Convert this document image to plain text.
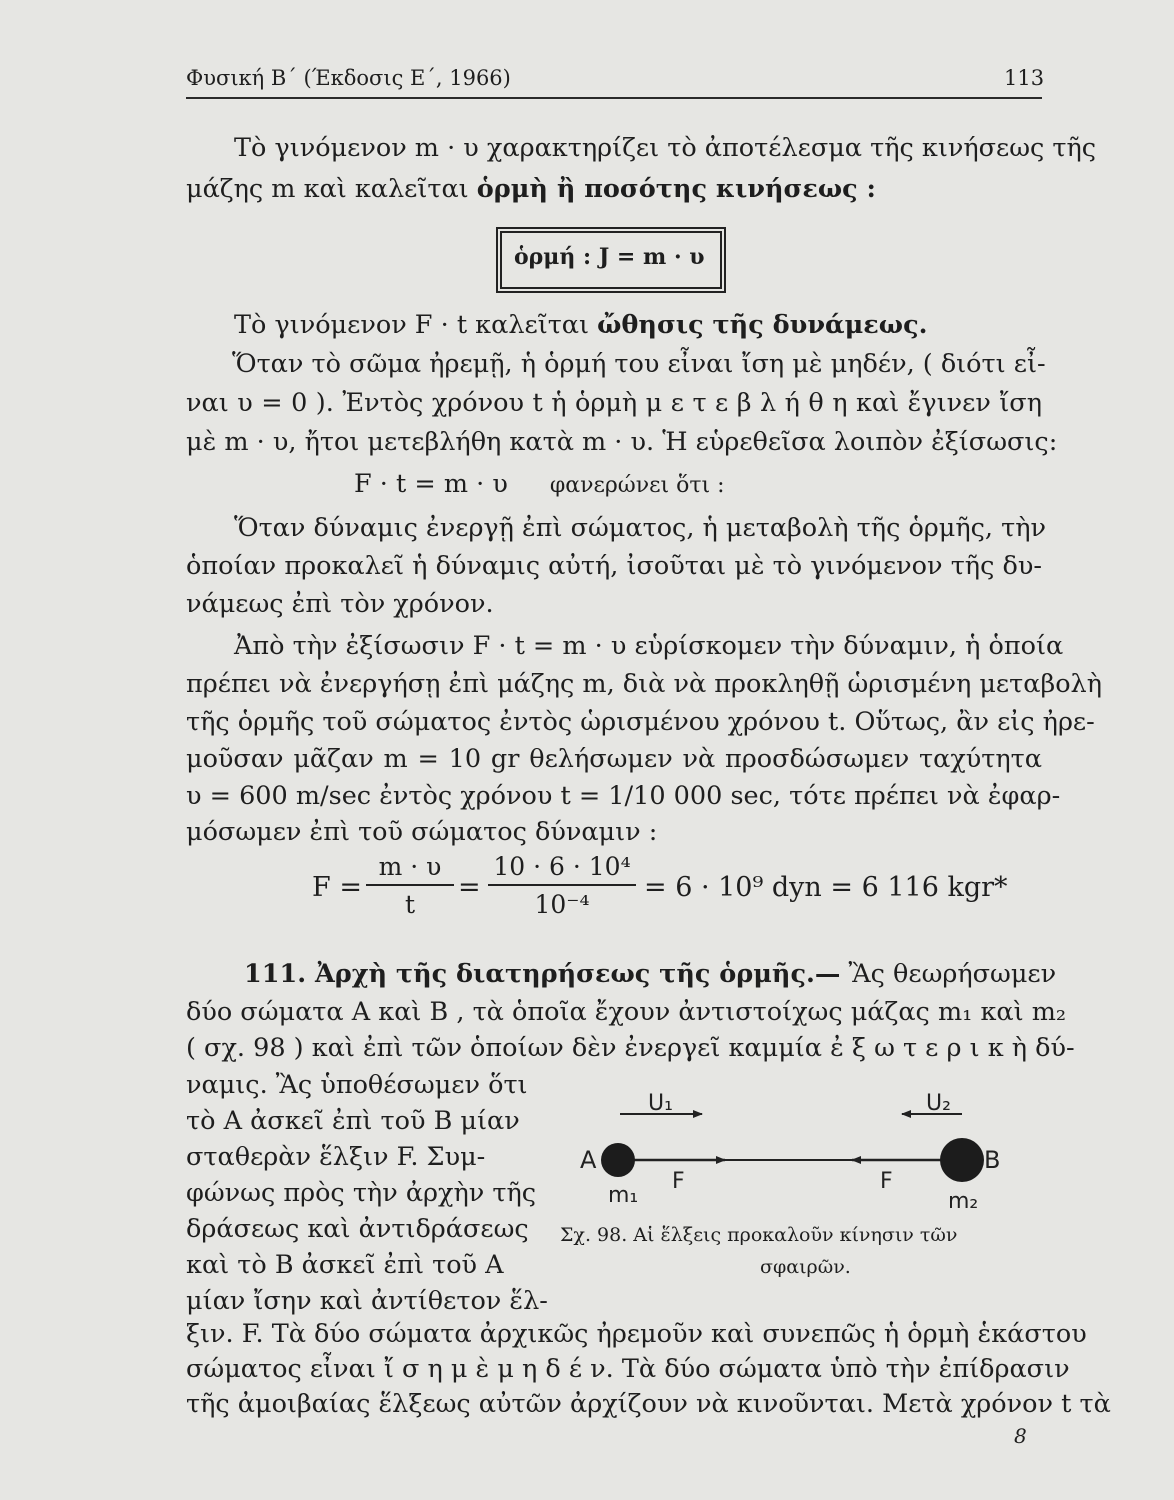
Φυσική Β΄ (Έκδοσις Ε΄, 1966)	113
Τὸ γινόμενον m · υ χαρακτηρίζει τὸ ἀποτέλεσμα τῆς κινήσεως τῆς
μάζης m καὶ καλεῖται ὁρμὴ ἢ ποσότης κινήσεως :
ὁρμή : J = m · υ
Τὸ γινόμενον F · t καλεῖται ὤθησις τῆς δυνάμεως.
Ὅταν τὸ σῶμα ἠρεμῇ, ἡ ὁρμή του εἶναι ἴση μὲ μηδέν, ( διότι εἶ-
ναι υ = 0 ). Ἐντὸς χρόνου t ἡ ὁρμὴ μ ε τ ε β λ ή θ η καὶ ἔγινεν ἴση
μὲ m · υ, ἤτοι μετεβλήθη κατὰ m · υ. Ἡ εὑρεθεῖσα λοιπὸν ἐξίσωσις:
F · t = m · υ φανερώνει ὅτι :
Ὅταν δύναμις ἐνεργῇ ἐπὶ σώματος, ἡ μεταβολὴ τῆς ὁρμῆς, τὴν
ὁποίαν προκαλεῖ ἡ δύναμις αὐτή, ἰσοῦται μὲ τὸ γινόμενον τῆς δυ-
νάμεως ἐπὶ τὸν χρόνον.
Ἀπὸ τὴν ἐξίσωσιν F · t = m · υ εὑρίσκομεν τὴν δύναμιν, ἡ ὁποία
πρέπει νὰ ἐνεργήσῃ ἐπὶ μάζης m, διὰ νὰ προκληθῇ ὡρισμένη μεταβολὴ
τῆς ὁρμῆς τοῦ σώματος ἐντὸς ὡρισμένου χρόνου t. Οὕτως, ἂν εἰς ἠρε-
μοῦσαν μᾶζαν m = 10 gr θελήσωμεν νὰ προσδώσωμεν ταχύτητα
υ = 600 m/sec ἐντὸς χρόνου t = 1/10 000 sec, τότε πρέπει νὰ ἐφαρ-
μόσωμεν ἐπὶ τοῦ σώματος δύναμιν :
F =
m · υ
t
=
10 · 6 · 10⁴
10⁻⁴
= 6 · 10⁹ dyn = 6 116 kgr*
111. Ἀρχὴ τῆς διατηρήσεως τῆς ὁρμῆς.— Ἂς θεωρήσωμεν
δύο σώματα Α καὶ Β , τὰ ὁποῖα ἔχουν ἀντιστοίχως μάζας m₁ καὶ m₂
( σχ. 98 ) καὶ ἐπὶ τῶν ὁποίων δὲν ἐνεργεῖ καμμία ἐ ξ ω τ ε ρ ι κ ὴ δύ-
ναμις. Ἂς ὑποθέσωμεν ὅτι
τὸ Α ἀσκεῖ ἐπὶ τοῦ Β μίαν
σταθερὰν ἕλξιν F. Συμ-
φώνως πρὸς τὴν ἀρχὴν τῆς
δράσεως καὶ ἀντιδράσεως
καὶ τὸ Β ἀσκεῖ ἐπὶ τοῦ Α
μίαν ἴσην καὶ ἀντίθετον ἕλ-
A	B
U₁	U₂
F	F
m₁	m₂
Σχ. 98. Αἱ ἕλξεις προκαλοῦν κίνησιν τῶν
σφαιρῶν.
ξιν. F. Τὰ δύο σώματα ἀρχικῶς ἠρεμοῦν καὶ συνεπῶς ἡ ὁρμὴ ἑκάστου
σώματος εἶναι ἴ σ η μ ὲ μ η δ έ ν. Τὰ δύο σώματα ὑπὸ τὴν ἐπίδρασιν
τῆς ἀμοιβαίας ἕλξεως αὐτῶν ἀρχίζουν νὰ κινοῦνται. Μετὰ χρόνον t τὰ
8
